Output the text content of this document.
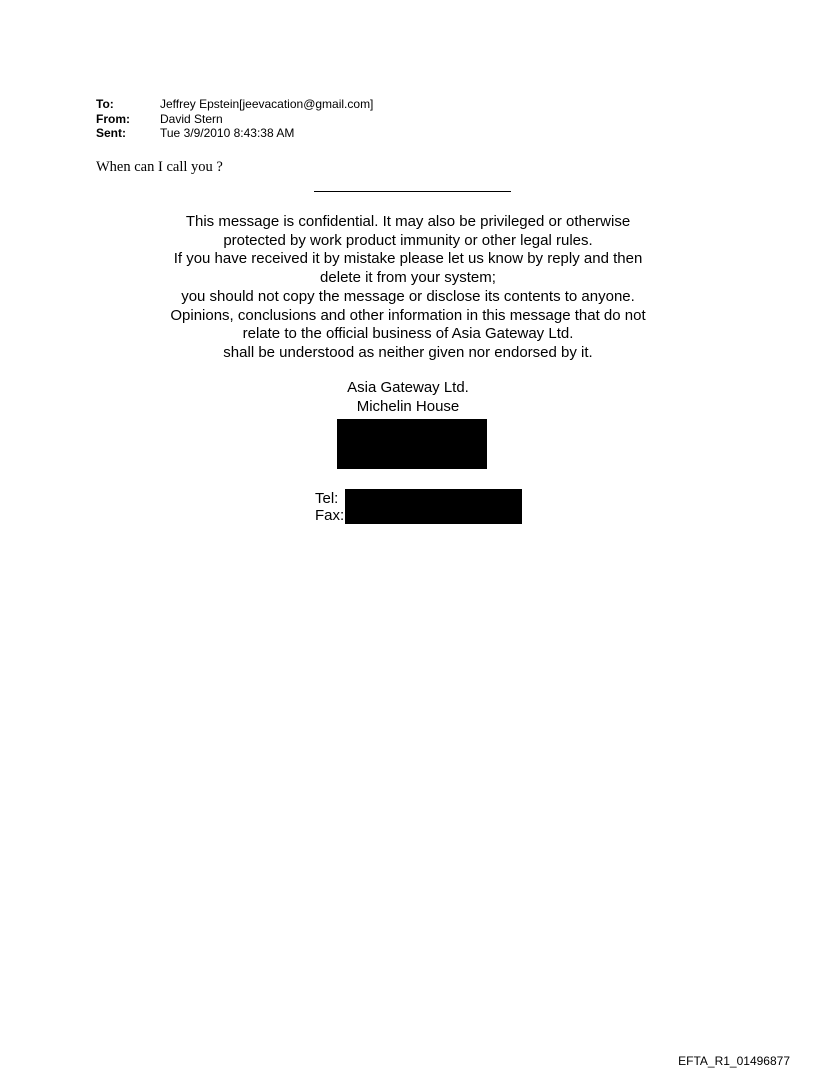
To:	Jeffrey Epstein[jeevacation@gmail.com]
From:	David Stern
Sent:	Tue 3/9/2010 8:43:38 AM
When can I call you ?
This message is confidential. It may also be privileged or otherwise
protected by work product immunity or other legal rules.
If you have received it by mistake please let us know by reply and then
delete it from your system;
you should not copy the message or disclose its contents to anyone.
Opinions, conclusions and other information in this message that do not
relate to the official business of Asia Gateway Ltd.
shall be understood as neither given nor endorsed by it.
Asia Gateway Ltd.
Michelin House
Tel:
Fax:
EFTA_R1_01496877
